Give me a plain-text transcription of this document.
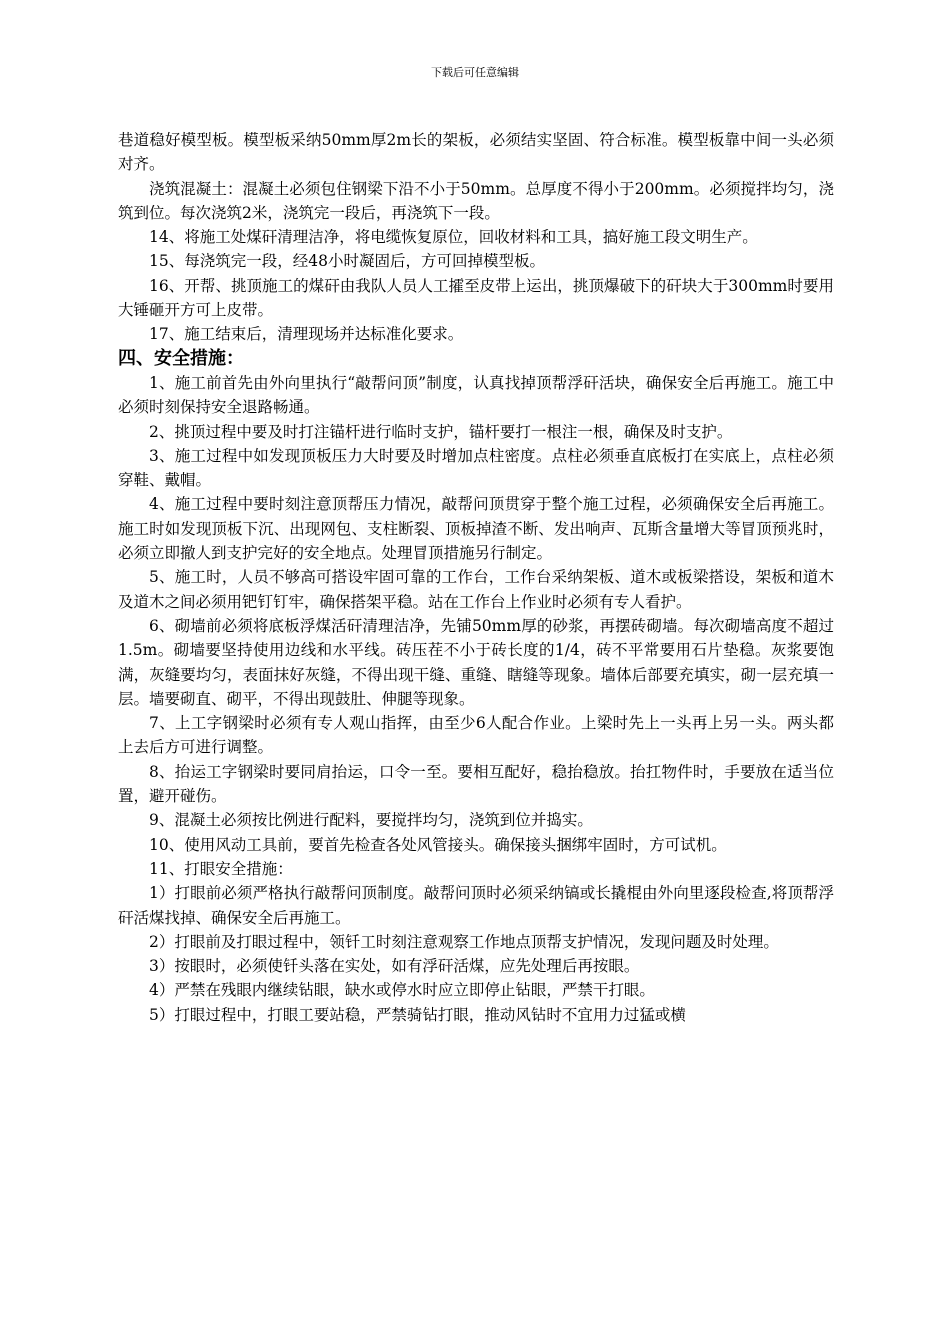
下载后可任意编辑

巷道稳好模型板。模型板采纳50mm厚2m长的架板，必须结实坚固、符合标准。模型板靠中间一头必须对齐。

浇筑混凝土：混凝土必须包住钢梁下沿不小于50mm。总厚度不得小于200mm。必须搅拌均匀，浇筑到位。每次浇筑2米，浇筑完一段后，再浇筑下一段。

14、将施工处煤矸清理洁净，将电缆恢复原位，回收材料和工具，搞好施工段文明生产。

15、每浇筑完一段，经48小时凝固后，方可回掉模型板。

16、开帮、挑顶施工的煤矸由我队人员人工攉至皮带上运出，挑顶爆破下的矸块大于300mm时要用大锤砸开方可上皮带。

17、施工结束后，清理现场并达标准化要求。

四、安全措施：

1、施工前首先由外向里执行“敲帮问顶”制度，认真找掉顶帮浮矸活块，确保安全后再施工。施工中必须时刻保持安全退路畅通。

2、挑顶过程中要及时打注锚杆进行临时支护，锚杆要打一根注一根，确保及时支护。

3、施工过程中如发现顶板压力大时要及时增加点柱密度。点柱必须垂直底板打在实底上，点柱必须穿鞋、戴帽。

4、施工过程中要时刻注意顶帮压力情况，敲帮问顶贯穿于整个施工过程，必须确保安全后再施工。施工时如发现顶板下沉、出现网包、支柱断裂、顶板掉渣不断、发出响声、瓦斯含量增大等冒顶预兆时，必须立即撤人到支护完好的安全地点。处理冒顶措施另行制定。

5、施工时，人员不够高可搭设牢固可靠的工作台，工作台采纳架板、道木或板梁搭设，架板和道木及道木之间必须用钯钉钉牢，确保搭架平稳。站在工作台上作业时必须有专人看护。

6、砌墙前必须将底板浮煤活矸清理洁净，先铺50mm厚的砂浆，再摆砖砌墙。每次砌墙高度不超过1.5m。砌墙要坚持使用边线和水平线。砖压茬不小于砖长度的1/4，砖不平常要用石片垫稳。灰浆要饱满，灰缝要均匀，表面抹好灰缝，不得出现干缝、重缝、瞎缝等现象。墙体后部要充填实，砌一层充填一层。墙要砌直、砌平，不得出现鼓肚、伸腿等现象。

7、上工字钢梁时必须有专人观山指挥，由至少6人配合作业。上梁时先上一头再上另一头。两头都上去后方可进行调整。

8、抬运工字钢梁时要同肩抬运，口令一至。要相互配好，稳抬稳放。抬扛物件时，手要放在适当位置，避开碰伤。

9、混凝土必须按比例进行配料，要搅拌均匀，浇筑到位并捣实。

10、使用风动工具前，要首先检查各处风管接头。确保接头捆绑牢固时，方可试机。

11、打眼安全措施：

1）打眼前必须严格执行敲帮问顶制度。敲帮问顶时必须采纳镐或长撬棍由外向里逐段检查,将顶帮浮矸活煤找掉、确保安全后再施工。

2）打眼前及打眼过程中，领钎工时刻注意观察工作地点顶帮支护情况，发现问题及时处理。

3）按眼时，必须使钎头落在实处，如有浮矸活煤，应先处理后再按眼。

4）严禁在残眼内继续钻眼，缺水或停水时应立即停止钻眼，严禁干打眼。

5）打眼过程中，打眼工要站稳，严禁骑钻打眼，推动风钻时不宜用力过猛或横
